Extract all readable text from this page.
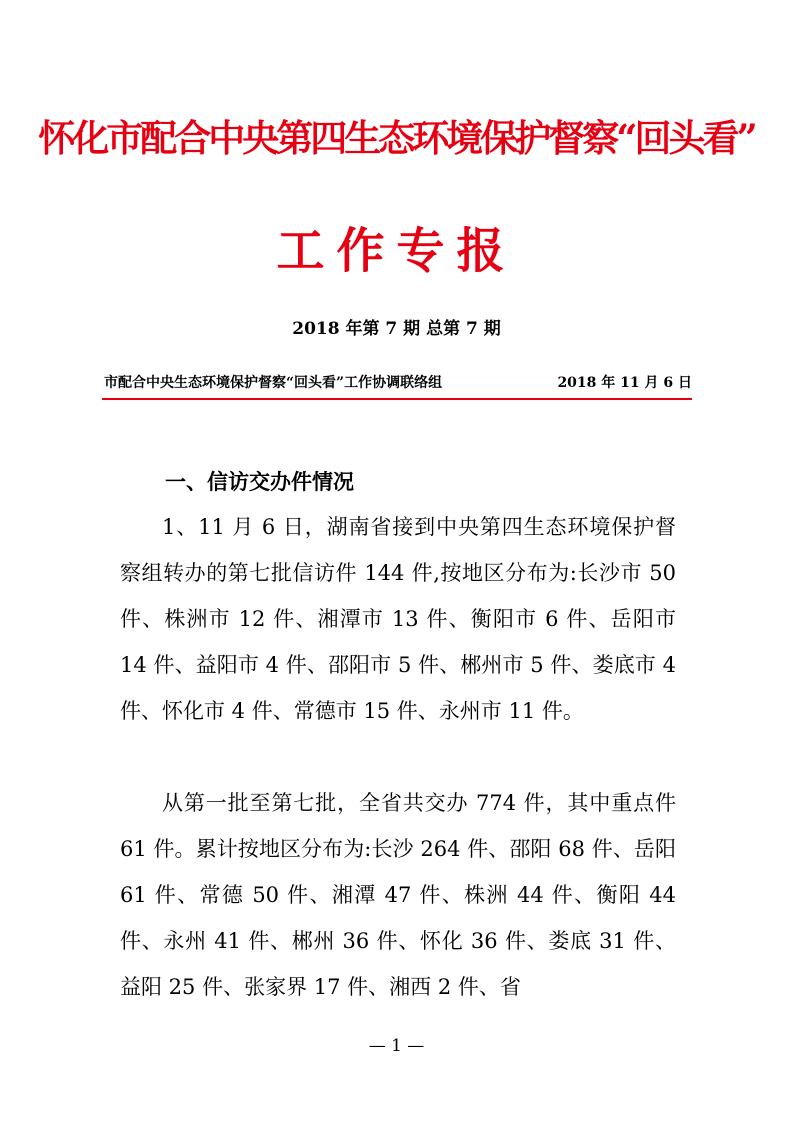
怀化市配合中央第四生态环境保护督察“回头看”
工作专报
2018 年第 7 期 总第 7 期
市配合中央生态环境保护督察“回头看”工作协调联络组	2018 年 11 月 6 日
一、信访交办件情况

1、11 月 6 日，湖南省接到中央第四生态环境保护督察组转办的第七批信访件 144 件,按地区分布为:长沙市 50 件、株洲市 12 件、湘潭市 13 件、衡阳市 6 件、岳阳市 14 件、益阳市 4 件、邵阳市 5 件、郴州市 5 件、娄底市 4 件、怀化市 4 件、常德市 15 件、永州市 11 件。

从第一批至第七批，全省共交办 774 件，其中重点件 61 件。累计按地区分布为:长沙 264 件、邵阳 68 件、岳阳 61 件、常德 50 件、湘潭 47 件、株洲 44 件、衡阳 44 件、永州 41 件、郴州 36 件、怀化 36 件、娄底 31 件、益阳 25 件、张家界 17 件、湘西 2 件、省

— 1 —
